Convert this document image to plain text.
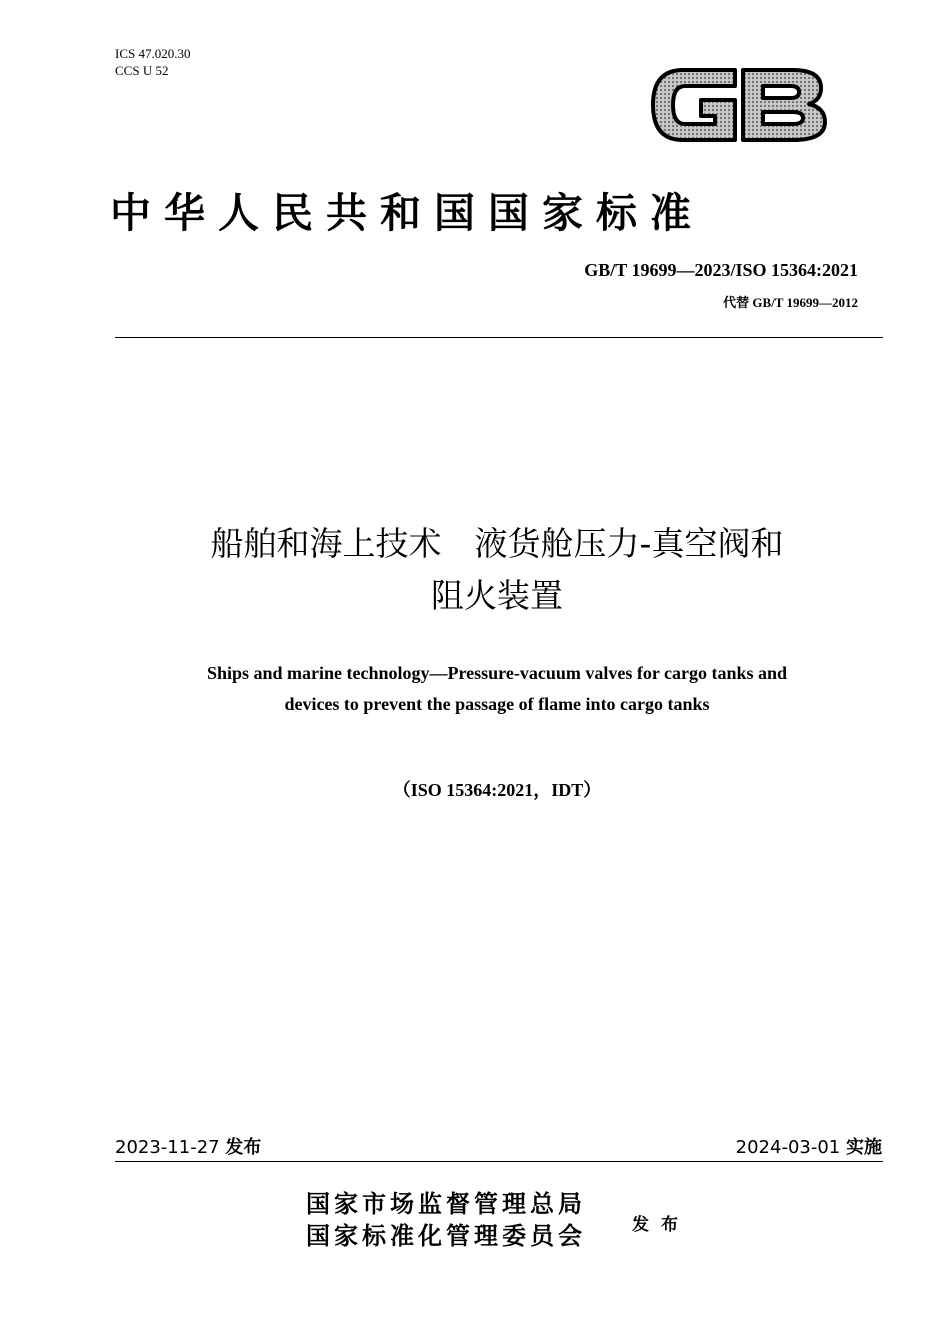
ICS 47.020.30
CCS U 52
GB
中华人民共和国国家标准
GB/T 19699—2023/ISO 15364:2021
代替 GB/T 19699—2012
船舶和海上技术　液货舱压力-真空阀和
阻火装置
Ships and marine technology—Pressure-vacuum valves for cargo tanks and
devices to prevent the passage of flame into cargo tanks
（ISO 15364:2021，IDT）
2023-11-27 发布	2024-03-01 实施
国家市场监督管理总局
国家标准化管理委员会	发布
